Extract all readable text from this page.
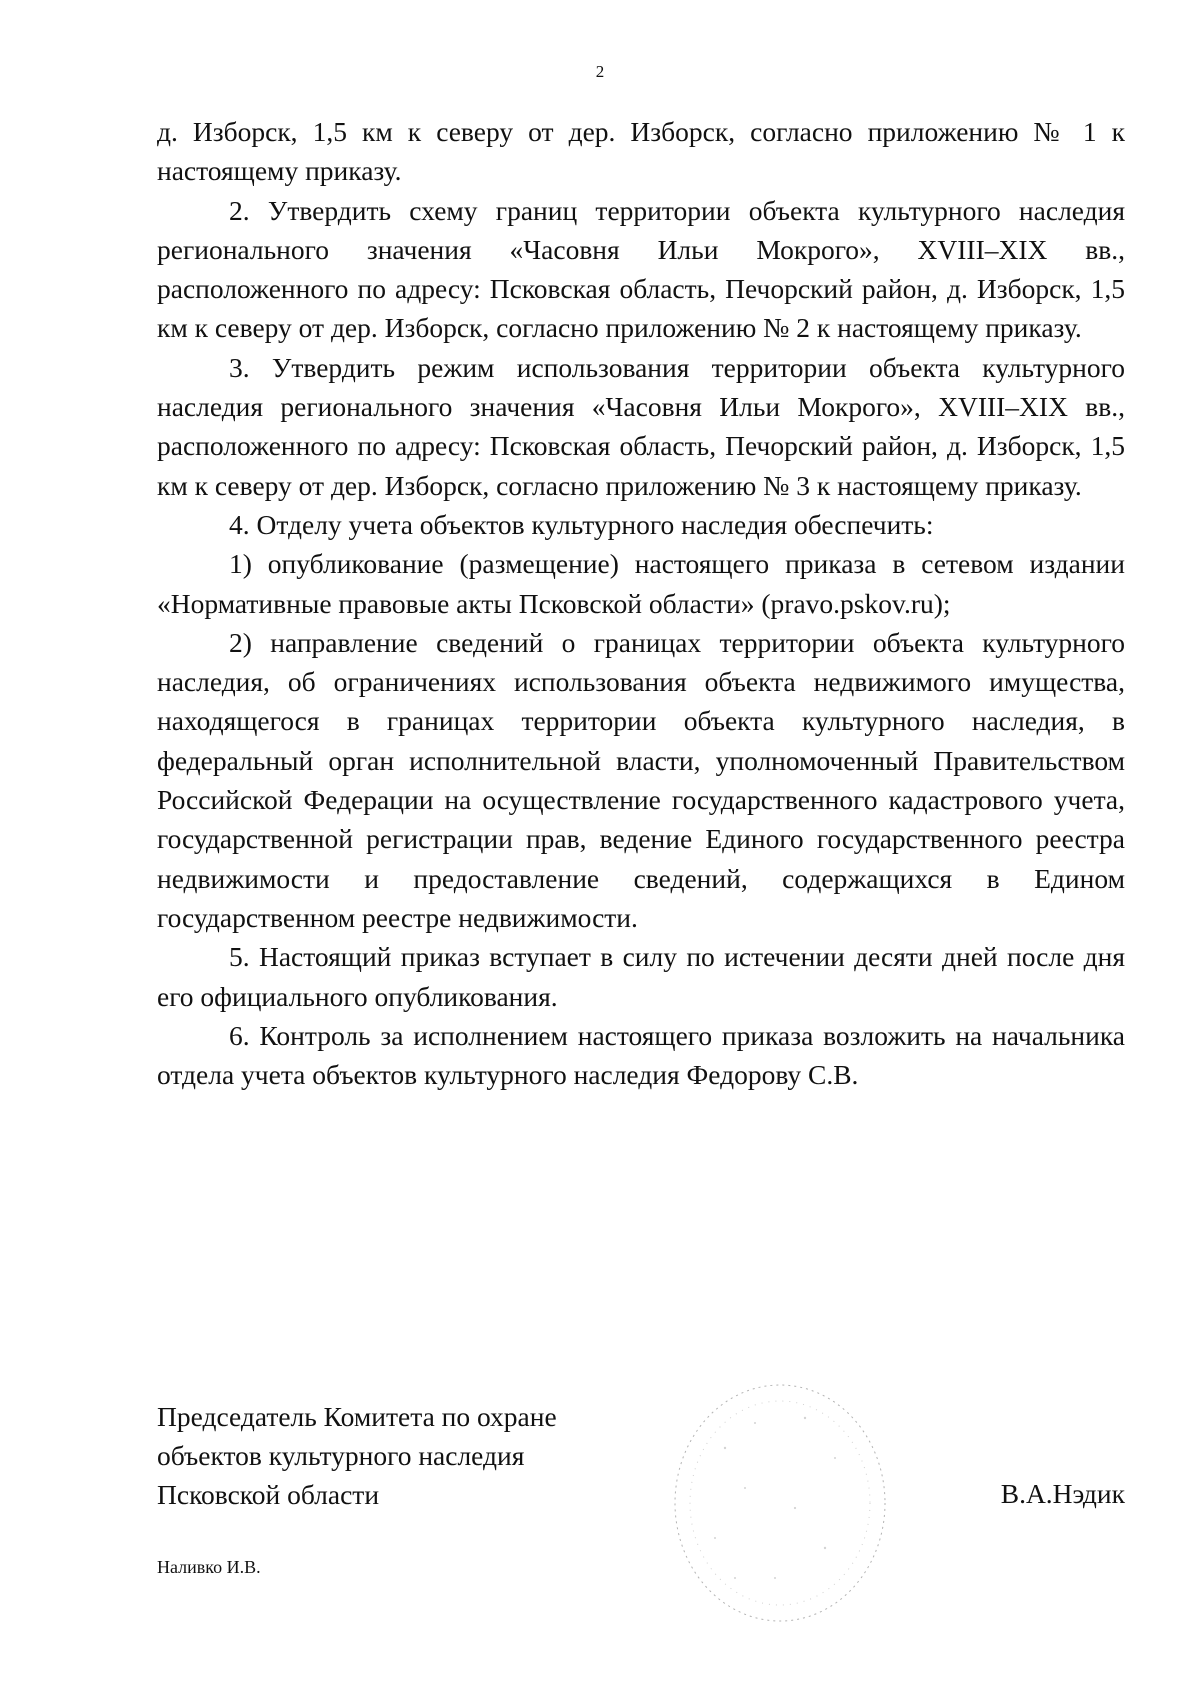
2

д. Изборск, 1,5 км к северу от дер. Изборск, согласно приложению № 1 к настоящему приказу.

2. Утвердить схему границ территории объекта культурного наследия регионального значения «Часовня Ильи Мокрого», XVIII–XIX вв., расположенного по адресу: Псковская область, Печорский район, д. Изборск, 1,5 км к северу от дер. Изборск, согласно приложению № 2 к настоящему приказу.

3. Утвердить режим использования территории объекта культурного наследия регионального значения «Часовня Ильи Мокрого», XVIII–XIX вв., расположенного по адресу: Псковская область, Печорский район, д. Изборск, 1,5 км к северу от дер. Изборск, согласно приложению № 3 к настоящему приказу.

4. Отделу учета объектов культурного наследия обеспечить:

1) опубликование (размещение) настоящего приказа в сетевом издании «Нормативные правовые акты Псковской области» (pravo.pskov.ru);

2) направление сведений о границах территории объекта культурного наследия, об ограничениях использования объекта недвижимого имущества, находящегося в границах территории объекта культурного наследия, в федеральный орган исполнительной власти, уполномоченный Правительством Российской Федерации на осуществление государственного кадастрового учета, государственной регистрации прав, ведение Единого государственного реестра недвижимости и предоставление сведений, содержащихся в Едином государственном реестре недвижимости.

5. Настоящий приказ вступает в силу по истечении десяти дней после дня его официального опубликования.

6. Контроль за исполнением настоящего приказа возложить на начальника отдела учета объектов культурного наследия Федорову С.В.

Председатель Комитета по охране
объектов культурного наследия
Псковской области	В.А.Нэдик
Наливко И.В.
